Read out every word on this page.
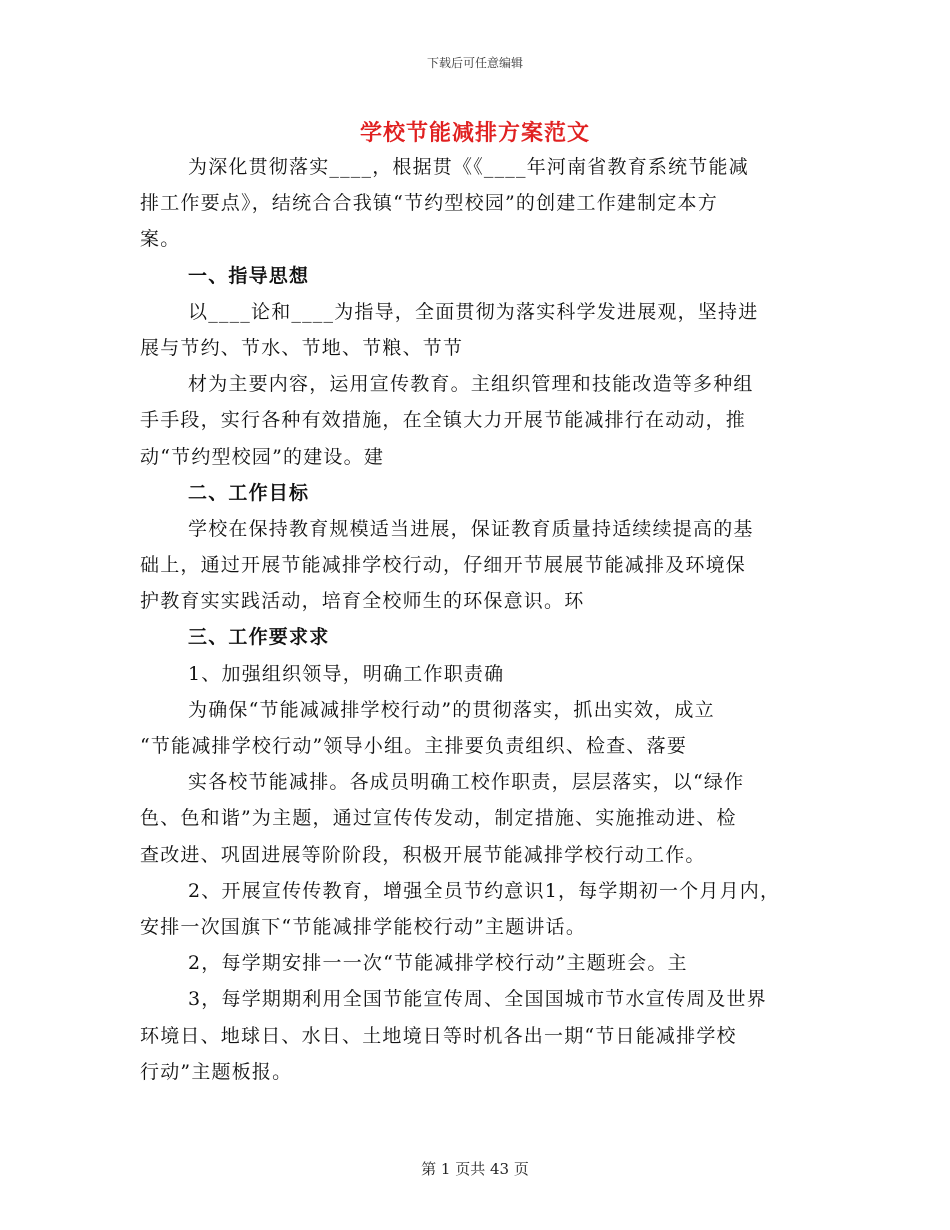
下载后可任意编辑
学校节能减排方案范文
为深化贯彻落实____，根据贯《《____年河南省教育系统节能减
排工作要点》，结统合合我镇“节约型校园”的创建工作建制定本方
案。
一、指导思想
以____论和____为指导，全面贯彻为落实科学发进展观，坚持进
展与节约、节水、节地、节粮、节节
材为主要内容，运用宣传教育。主组织管理和技能改造等多种组
手手段，实行各种有效措施，在全镇大力开展节能减排行在动动，推
动“节约型校园”的建设。建
二、工作目标
学校在保持教育规模适当进展，保证教育质量持适续续提高的基
础上，通过开展节能减排学校行动，仔细开节展展节能减排及环境保
护教育实实践活动，培育全校师生的环保意识。环
三、工作要求求
1、加强组织领导，明确工作职责确
为确保“节能减减排学校行动”的贯彻落实，抓出实效，成立
“节能减排学校行动”领导小组。主排要负责组织、检查、落要
实各校节能减排。各成员明确工校作职责，层层落实，以“绿作
色、色和谐”为主题，通过宣传传发动，制定措施、实施推动进、检
查改进、巩固进展等阶阶段，积极开展节能减排学校行动工作。
2、开展宣传传教育，增强全员节约意识1，每学期初一个月月内，
安排一次国旗下“节能减排学能校行动”主题讲话。
2，每学期安排一一次“节能减排学校行动”主题班会。主
3，每学期期利用全国节能宣传周、全国国城市节水宣传周及世界
环境日、地球日、水日、土地境日等时机各出一期“节日能减排学校
行动”主题板报。
第 1 页共 43 页
